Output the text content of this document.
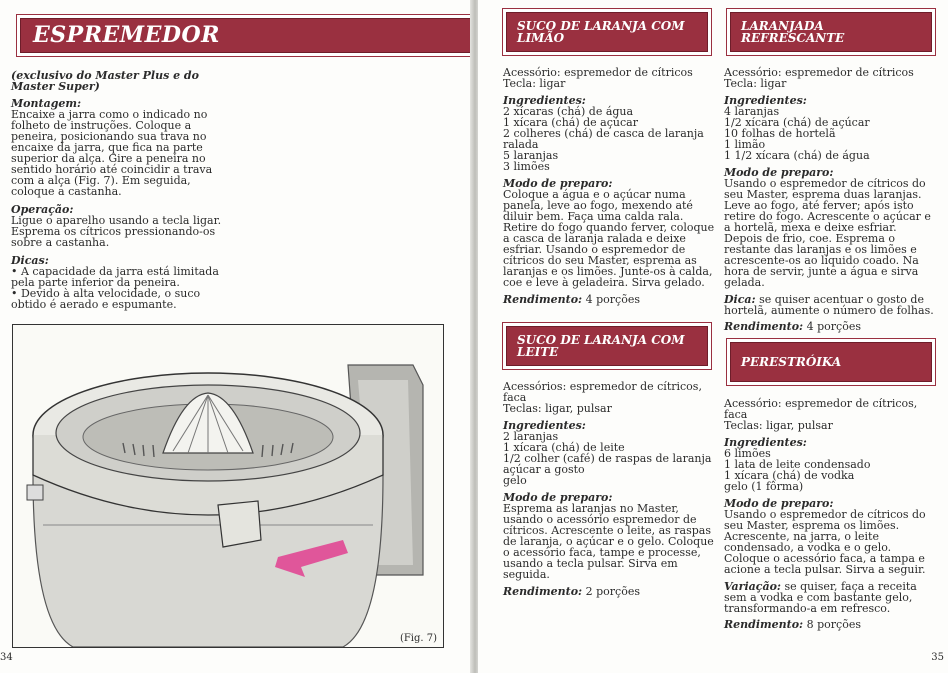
ESPREMEDOR

(exclusivo do Master Plus e do Master Super)

Montagem:

Encaixe a jarra como o indicado no folheto de instruções. Coloque a peneira, posicionando sua trava no encaixe da jarra, que fica na parte superior da alça. Gire a peneira no sentido horário até coincidir a trava com a alça (Fig. 7). Em seguida, coloque a castanha.

Operação:

Ligue o aparelho usando a tecla ligar. Esprema os cítricos pressionando-os sobre a castanha.

Dicas:

• A capacidade da jarra está limitada pela parte inferior da peneira.

• Devido à alta velocidade, o suco obtido é aerado e espumante.

(Fig. 7)
34
SUCO DE LARANJA COM LIMÃO

Acessório: espremedor de cítricos

Tecla: ligar

Ingredientes:

2 xícaras (chá) de água

1 xícara (chá) de açúcar

2 colheres (chá) de casca de laranja ralada

5 laranjas

3 limões

Modo de preparo:

Coloque a água e o açúcar numa panela, leve ao fogo, mexendo até diluir bem. Faça uma calda rala. Retire do fogo quando ferver, coloque a casca de laranja ralada e deixe esfriar. Usando o espremedor de cítricos do seu Master, esprema as laranjas e os limões. Junte-os à calda, coe e leve à geladeira. Sirva gelado.

Rendimento: 4 porções

SUCO DE LARANJA COM LEITE

Acessórios: espremedor de cítricos, faca

Teclas: ligar, pulsar

Ingredientes:

2 laranjas

1 xícara (chá) de leite

1/2 colher (café) de raspas de laranja

açúcar a gosto

gelo

Modo de preparo:

Esprema as laranjas no Master, usando o acessório espremedor de cítricos. Acrescente o leite, as raspas de laranja, o açúcar e o gelo. Coloque o acessório faca, tampe e processe, usando a tecla pulsar. Sirva em seguida.

Rendimento: 2 porções

LARANJADA REFRESCANTE

Acessório: espremedor de cítricos

Tecla: ligar

Ingredientes:

4 laranjas

1/2 xícara (chá) de açúcar

10 folhas de hortelã

1 limão

1 1/2 xícara (chá) de água

Modo de preparo:

Usando o espremedor de cítricos do seu Master, esprema duas laranjas. Leve ao fogo, até ferver; após isto retire do fogo. Acrescente o açúcar e a hortelã, mexa e deixe esfriar. Depois de frio, coe. Esprema o restante das laranjas e os limões e acrescente-os ao líquido coado. Na hora de servir, junte a água e sirva gelada.

Dica: se quiser acentuar o gosto de hortelã, aumente o número de folhas.

Rendimento: 4 porções

PERESTRÓIKA

Acessório: espremedor de cítricos, faca

Teclas: ligar, pulsar

Ingredientes:

6 limões

1 lata de leite condensado

1 xícara (chá) de vodka

gelo (1 fôrma)

Modo de preparo:

Usando o espremedor de cítricos do seu Master, esprema os limões. Acrescente, na jarra, o leite condensado, a vodka e o gelo. Coloque o acessório faca, a tampa e acione a tecla pulsar. Sirva a seguir.

Variação: se quiser, faça a receita sem a vodka e com bastante gelo, transformando-a em refresco.

Rendimento: 8 porções

35
